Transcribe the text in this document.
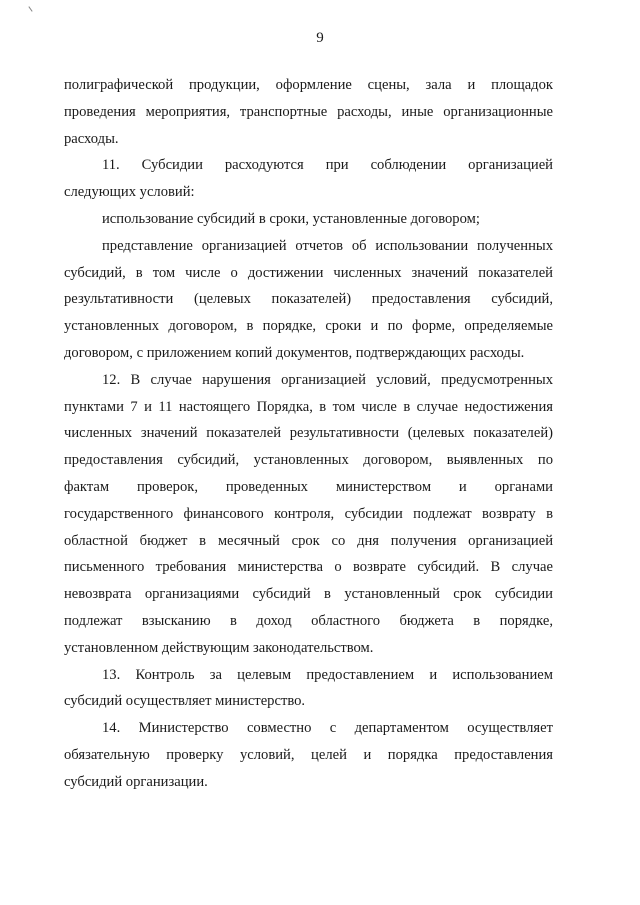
9

полиграфической продукции, оформление сцены, зала и площадок
проведения мероприятия, транспортные расходы, иные организационные
расходы.

11. Субсидии расходуются при соблюдении организацией
следующих условий:

использование субсидий в сроки, установленные договором;

представление организацией отчетов об использовании полученных
субсидий, в том числе о достижении численных значений показателей
результативности (целевых показателей) предоставления субсидий,
установленных договором, в порядке, сроки и по форме, определяемые
договором, с приложением копий документов, подтверждающих расходы.

12. В случае нарушения организацией условий, предусмотренных
пунктами 7 и 11 настоящего Порядка, в том числе в случае недостижения
численных значений показателей результативности (целевых показателей)
предоставления субсидий, установленных договором, выявленных по
фактам проверок, проведенных министерством и органами
государственного финансового контроля, субсидии подлежат возврату в
областной бюджет в месячный срок со дня получения организацией
письменного требования министерства о возврате субсидий. В случае
невозврата организациями субсидий в установленный срок субсидии
подлежат взысканию в доход областного бюджета в порядке,
установленном действующим законодательством.

13. Контроль за целевым предоставлением и использованием
субсидий осуществляет министерство.

14. Министерство совместно с департаментом осуществляет
обязательную проверку условий, целей и порядка предоставления
субсидий организации.
